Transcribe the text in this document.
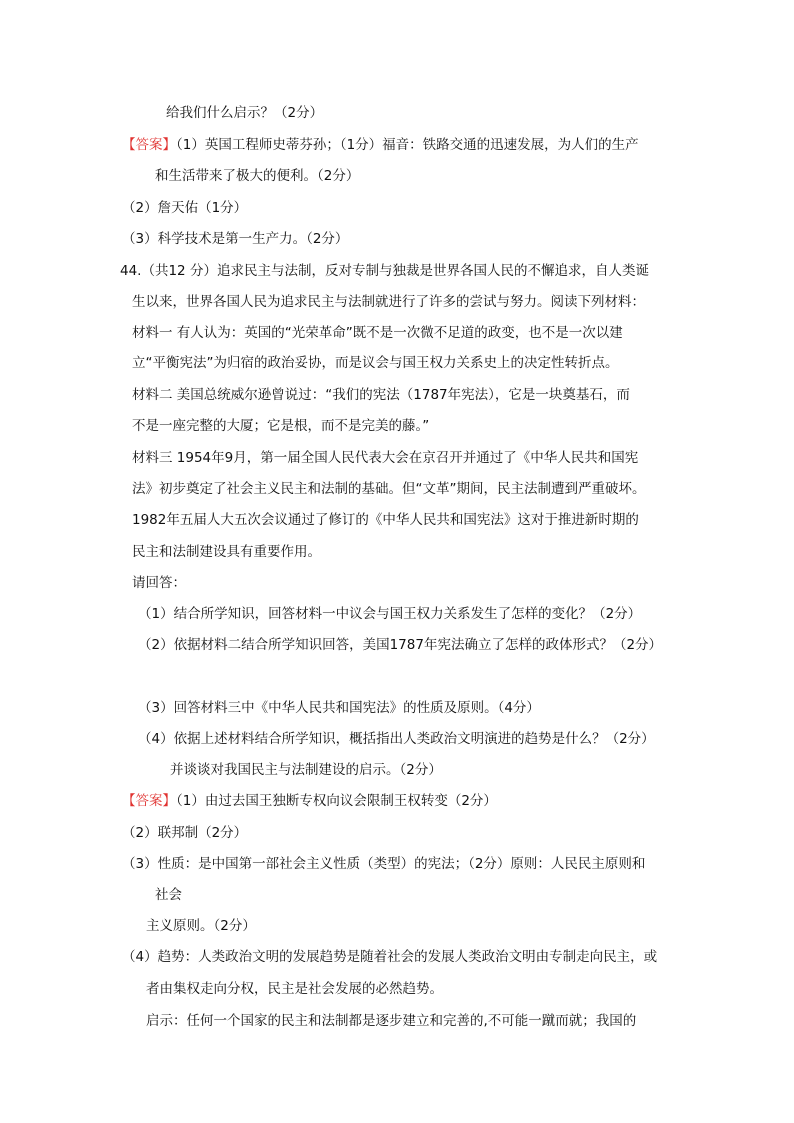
给我们什么启示？（2分）
【答案】（1）英国工程师史蒂芬孙；（1分）福音：铁路交通的迅速发展，为人们的生产
和生活带来了极大的便利。（2分）
（2）詹天佑（1分）
（3）科学技术是第一生产力。（2分）
44.（共12 分）追求民主与法制，反对专制与独裁是世界各国人民的不懈追求，自人类诞
生以来，世界各国人民为追求民主与法制就进行了许多的尝试与努力。阅读下列材料：
材料一 有人认为：英国的“光荣革命”既不是一次微不足道的政变，也不是一次以建
立“平衡宪法”为归宿的政治妥协，而是议会与国王权力关系史上的决定性转折点。
材料二 美国总统威尔逊曾说过：“我们的宪法（1787年宪法），它是一块奠基石，而
不是一座完整的大厦；它是根，而不是完美的藤。”
材料三 1954年9月，第一届全国人民代表大会在京召开并通过了《中华人民共和国宪
法》初步奠定了社会主义民主和法制的基础。但“文革”期间，民主法制遭到严重破坏。
1982年五届人大五次会议通过了修订的《中华人民共和国宪法》这对于推进新时期的
民主和法制建设具有重要作用。
请回答：
（1）结合所学知识，回答材料一中议会与国王权力关系发生了怎样的变化？（2分）
（2）依据材料二结合所学知识回答，美国1787年宪法确立了怎样的政体形式？（2分）
（3）回答材料三中《中华人民共和国宪法》的性质及原则。（4分）
（4）依据上述材料结合所学知识，概括指出人类政治文明演进的趋势是什么？（2分）
并谈谈对我国民主与法制建设的启示。（2分）
【答案】（1）由过去国王独断专权向议会限制王权转变（2分）
（2）联邦制（2分）
（3）性质：是中国第一部社会主义性质（类型）的宪法；（2分）原则：人民民主原则和
社会
主义原则。（2分）
（4）趋势：人类政治文明的发展趋势是随着社会的发展人类政治文明由专制走向民主，或
者由集权走向分权，民主是社会发展的必然趋势。
启示：任何一个国家的民主和法制都是逐步建立和完善的,不可能一蹴而就；我国的
